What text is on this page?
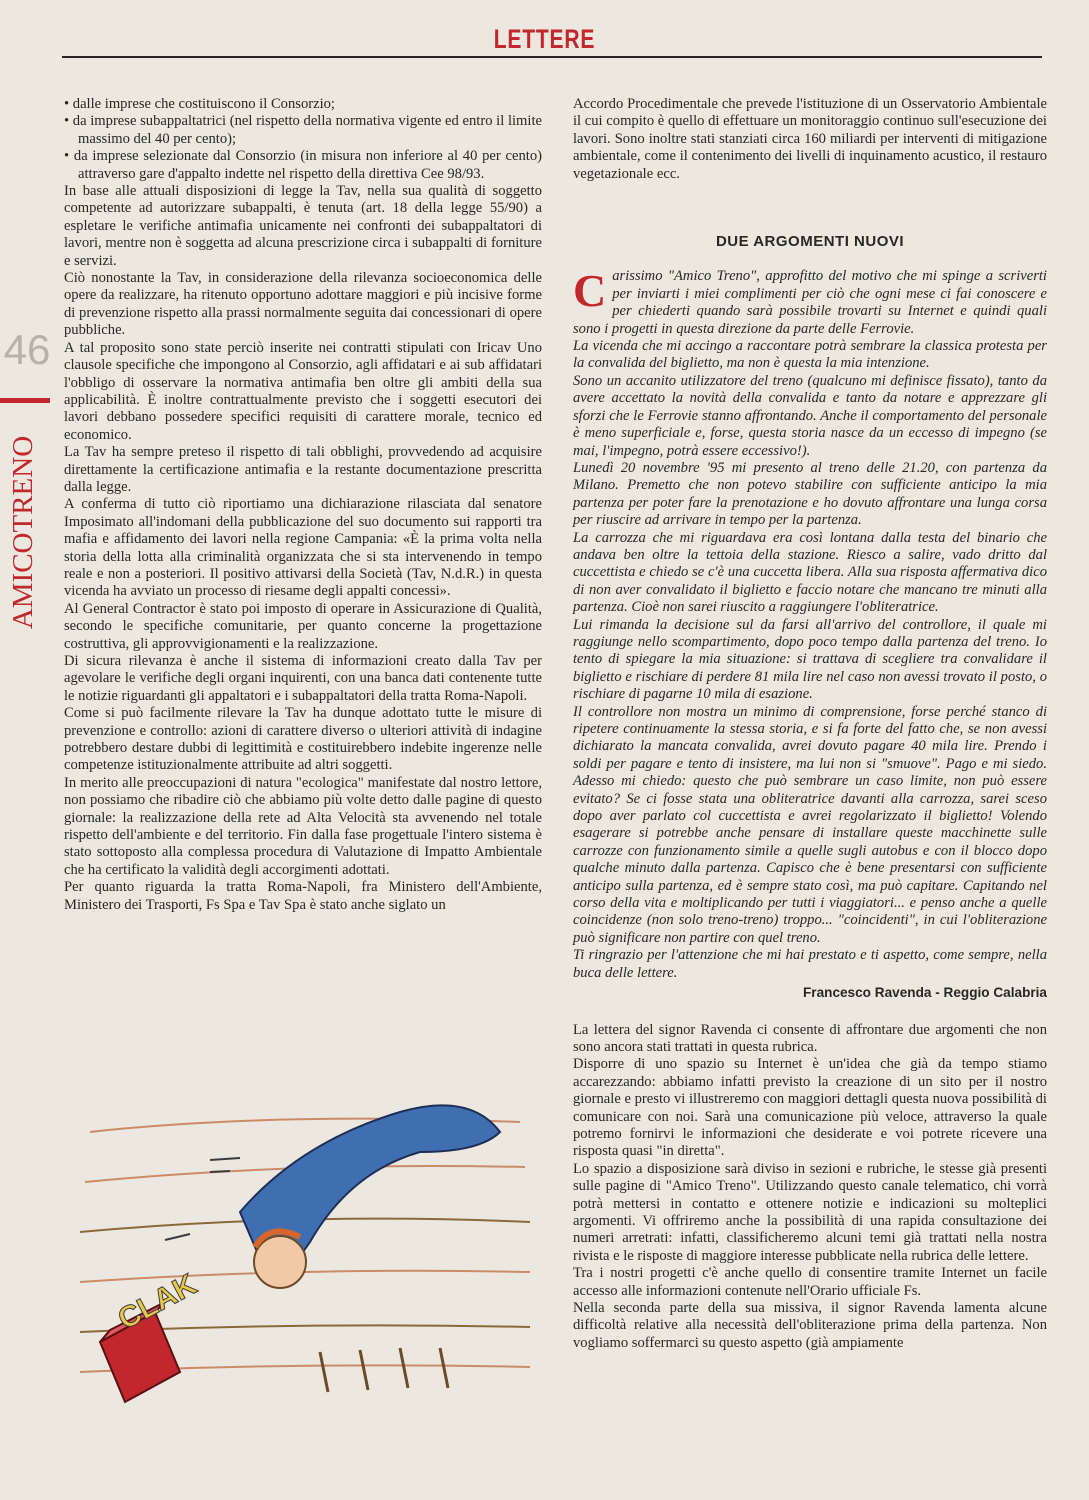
LETTERE
46
AMICOTRENO

• dalle imprese che costituiscono il Consorzio;

• da imprese subappaltatrici (nel rispetto della normativa vigente ed entro il limite massimo del 40 per cento);

• da imprese selezionate dal Consorzio (in misura non inferiore al 40 per cento) attraverso gare d'appalto indette nel rispetto della direttiva Cee 98/93.

In base alle attuali disposizioni di legge la Tav, nella sua qualità di soggetto competente ad autorizzare subappalti, è tenuta (art. 18 della legge 55/90) a espletare le verifiche antimafia unicamente nei confronti dei subappaltatori di lavori, mentre non è soggetta ad alcuna prescrizione circa i subappalti di forniture e servizi.

Ciò nonostante la Tav, in considerazione della rilevanza socioeconomica delle opere da realizzare, ha ritenuto opportuno adottare maggiori e più incisive forme di prevenzione rispetto alla prassi normalmente seguita dai concessionari di opere pubbliche.

A tal proposito sono state perciò inserite nei contratti stipulati con Iricav Uno clausole specifiche che impongono al Consorzio, agli affidatari e ai sub affidatari l'obbligo di osservare la normativa antimafia ben oltre gli ambiti della sua applicabilità. È inoltre contrattualmente previsto che i soggetti esecutori dei lavori debbano possedere specifici requisiti di carattere morale, tecnico ed economico.

La Tav ha sempre preteso il rispetto di tali obblighi, provvedendo ad acquisire direttamente la certificazione antimafia e la restante documentazione prescritta dalla legge.

A conferma di tutto ciò riportiamo una dichiarazione rilasciata dal senatore Imposimato all'indomani della pubblicazione del suo documento sui rapporti tra mafia e affidamento dei lavori nella regione Campania: «È la prima volta nella storia della lotta alla criminalità organizzata che si sta intervenendo in tempo reale e non a posteriori. Il positivo attivarsi della Società (Tav, N.d.R.) in questa vicenda ha avviato un processo di riesame degli appalti concessi».

Al General Contractor è stato poi imposto di operare in Assicurazione di Qualità, secondo le specifiche comunitarie, per quanto concerne la progettazione costruttiva, gli approvvigionamenti e la realizzazione.

Di sicura rilevanza è anche il sistema di informazioni creato dalla Tav per agevolare le verifiche degli organi inquirenti, con una banca dati contenente tutte le notizie riguardanti gli appaltatori e i subappaltatori della tratta Roma-Napoli.

Come si può facilmente rilevare la Tav ha dunque adottato tutte le misure di prevenzione e controllo: azioni di carattere diverso o ulteriori attività di indagine potrebbero destare dubbi di legittimità e costituirebbero indebite ingerenze nelle competenze istituzionalmente attribuite ad altri soggetti.

In merito alle preoccupazioni di natura "ecologica" manifestate dal nostro lettore, non possiamo che ribadire ciò che abbiamo più volte detto dalle pagine di questo giornale: la realizzazione della rete ad Alta Velocità sta avvenendo nel totale rispetto dell'ambiente e del territorio. Fin dalla fase progettuale l'intero sistema è stato sottoposto alla complessa procedura di Valutazione di Impatto Ambientale che ha certificato la validità degli accorgimenti adottati.

Per quanto riguarda la tratta Roma-Napoli, fra Ministero dell'Ambiente, Ministero dei Trasporti, Fs Spa e Tav Spa è stato anche siglato un

CLAK

Accordo Procedimentale che prevede l'istituzione di un Osservatorio Ambientale il cui compito è quello di effettuare un monitoraggio continuo sull'esecuzione dei lavori. Sono inoltre stati stanziati circa 160 miliardi per interventi di mitigazione ambientale, come il contenimento dei livelli di inquinamento acustico, il restauro vegetazionale ecc.

DUE ARGOMENTI NUOVI

Carissimo "Amico Treno", approfitto del motivo che mi spinge a scriverti per inviarti i miei complimenti per ciò che ogni mese ci fai conoscere e per chiederti quando sarà possibile trovarti su Internet e quindi quali sono i progetti in questa direzione da parte delle Ferrovie.

La vicenda che mi accingo a raccontare potrà sembrare la classica protesta per la convalida del biglietto, ma non è questa la mia intenzione.

Sono un accanito utilizzatore del treno (qualcuno mi definisce fissato), tanto da avere accettato la novità della convalida e tanto da notare e apprezzare gli sforzi che le Ferrovie stanno affrontando. Anche il comportamento del personale è meno superficiale e, forse, questa storia nasce da un eccesso di impegno (se mai, l'impegno, potrà essere eccessivo!).

Lunedì 20 novembre '95 mi presento al treno delle 21.20, con partenza da Milano. Premetto che non potevo stabilire con sufficiente anticipo la mia partenza per poter fare la prenotazione e ho dovuto affrontare una lunga corsa per riuscire ad arrivare in tempo per la partenza.

La carrozza che mi riguardava era così lontana dalla testa del binario che andava ben oltre la tettoia della stazione. Riesco a salire, vado dritto dal cuccettista e chiedo se c'è una cuccetta libera. Alla sua risposta affermativa dico di non aver convalidato il biglietto e faccio notare che mancano tre minuti alla partenza. Cioè non sarei riuscito a raggiungere l'obliteratrice.

Lui rimanda la decisione sul da farsi all'arrivo del controllore, il quale mi raggiunge nello scompartimento, dopo poco tempo dalla partenza del treno. Io tento di spiegare la mia situazione: si trattava di scegliere tra convalidare il biglietto e rischiare di perdere 81 mila lire nel caso non avessi trovato il posto, o rischiare di pagarne 10 mila di esazione.

Il controllore non mostra un minimo di comprensione, forse perché stanco di ripetere continuamente la stessa storia, e si fa forte del fatto che, se non avessi dichiarato la mancata convalida, avrei dovuto pagare 40 mila lire. Prendo i soldi per pagare e tento di insistere, ma lui non si "smuove". Pago e mi siedo. Adesso mi chiedo: questo che può sembrare un caso limite, non può essere evitato? Se ci fosse stata una obliteratrice davanti alla carrozza, sarei sceso dopo aver parlato col cuccettista e avrei regolarizzato il biglietto! Volendo esagerare si potrebbe anche pensare di installare queste macchinette sulle carrozze con funzionamento simile a quelle sugli autobus e con il blocco dopo qualche minuto dalla partenza. Capisco che è bene presentarsi con sufficiente anticipo sulla partenza, ed è sempre stato così, ma può capitare. Capitando nel corso della vita e moltiplicando per tutti i viaggiatori... e penso anche a quelle coincidenze (non solo treno-treno) troppo... "coincidenti", in cui l'obliterazione può significare non partire con quel treno.

Ti ringrazio per l'attenzione che mi hai prestato e ti aspetto, come sempre, nella buca delle lettere.

Francesco Ravenda - Reggio Calabria

La lettera del signor Ravenda ci consente di affrontare due argomenti che non sono ancora stati trattati in questa rubrica.

Disporre di uno spazio su Internet è un'idea che già da tempo stiamo accarezzando: abbiamo infatti previsto la creazione di un sito per il nostro giornale e presto vi illustreremo con maggiori dettagli questa nuova possibilità di comunicare con noi. Sarà una comunicazione più veloce, attraverso la quale potremo fornirvi le informazioni che desiderate e voi potrete ricevere una risposta quasi "in diretta".

Lo spazio a disposizione sarà diviso in sezioni e rubriche, le stesse già presenti sulle pagine di "Amico Treno". Utilizzando questo canale telematico, chi vorrà potrà mettersi in contatto e ottenere notizie e indicazioni su molteplici argomenti. Vi offriremo anche la possibilità di una rapida consultazione dei numeri arretrati: infatti, classificheremo alcuni temi già trattati nella nostra rivista e le risposte di maggiore interesse pubblicate nella rubrica delle lettere.

Tra i nostri progetti c'è anche quello di consentire tramite Internet un facile accesso alle informazioni contenute nell'Orario ufficiale Fs.

Nella seconda parte della sua missiva, il signor Ravenda lamenta alcune difficoltà relative alla necessità dell'obliterazione prima della partenza. Non vogliamo soffermarci su questo aspetto (già ampiamente
